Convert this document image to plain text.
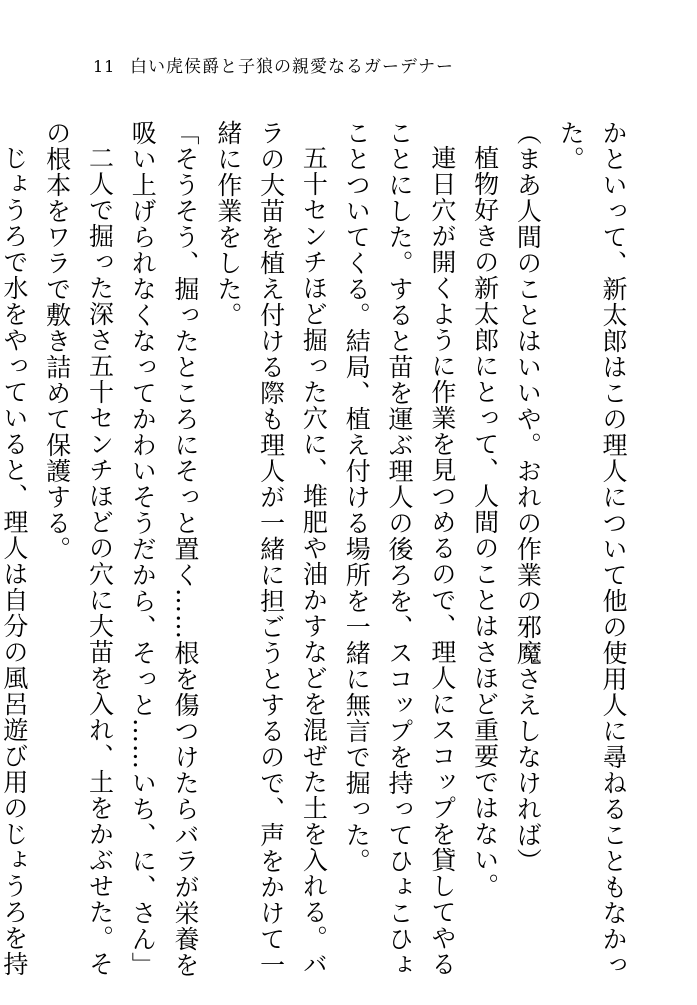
11 白い虎侯爵と子狼の親愛なるガーデナー

かといって、新太郎はこの理人について他の使用人に尋ねることもなかった。

（まあ人間のことはいいや。おれの作業の邪魔さえしなければ）

植物好きの新太郎にとって、人間のことはさほど重要ではない。

連日穴が開くように作業を見つめるので、理人にスコップを貸してやることにした。すると苗を運ぶ理人の後ろを、スコップを持ってひょこひょことついてくる。結局、植え付ける場所を一緒に無言で掘った。

五十センチほど掘った穴に、堆肥や油かすなどを混ぜた土を入れる。バラの大苗を植え付ける際も理人が一緒に担ごうとするので、声をかけて一緒に作業をした。

「そうそう、掘ったところにそっと置く……根を傷つけたらバラが栄養を吸い上げられなくなってかわいそうだから、そっと……いち、に、さん」

二人で掘った深さ五十センチほどの穴に大苗を入れ、土をかぶせた。その根本をワラで敷き詰めて保護する。

じょうろで水をやっていると、理人は自分の風呂遊び用のじょうろを持
